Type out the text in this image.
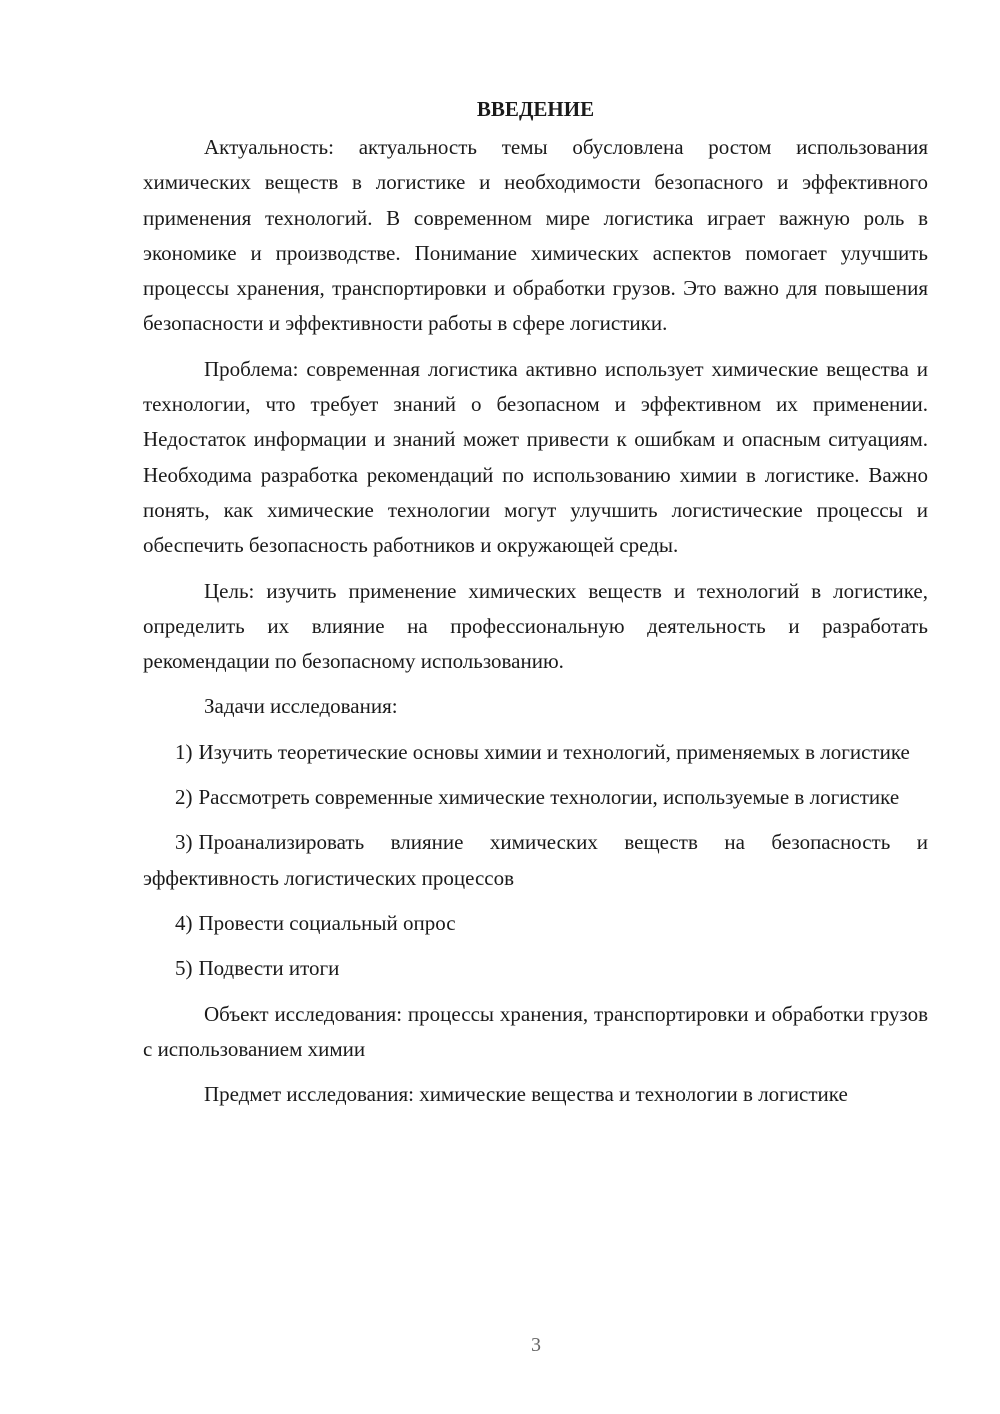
ВВЕДЕНИЕ

Актуальность: актуальность темы обусловлена ростом использования химических веществ в логистике и необходимости безопасного и эффективного применения технологий. В современном мире логистика играет важную роль в экономике и производстве. Понимание химических аспектов помогает улучшить процессы хранения, транспортировки и обработки грузов. Это важно для повышения безопасности и эффективности работы в сфере логистики.

Проблема: современная логистика активно использует химические вещества и технологии, что требует знаний о безопасном и эффективном их применении. Недостаток информации и знаний может привести к ошибкам и опасным ситуациям. Необходима разработка рекомендаций по использованию химии в логистике. Важно понять, как химические технологии могут улучшить логистические процессы и обеспечить безопасность работников и окружающей среды.

Цель: изучить применение химических веществ и технологий в логистике, определить их влияние на профессиональную деятельность и разработать рекомендации по безопасному использованию.

Задачи исследования:

1) Изучить теоретические основы химии и технологий, применяемых в логистике

2) Рассмотреть современные химические технологии, используемые в логистике

3) Проанализировать влияние химических веществ на безопасность и эффективность логистических процессов

4) Провести социальный опрос

5) Подвести итоги

Объект исследования: процессы хранения, транспортировки и обработки грузов с использованием химии

Предмет исследования: химические вещества и технологии в логистике

3
